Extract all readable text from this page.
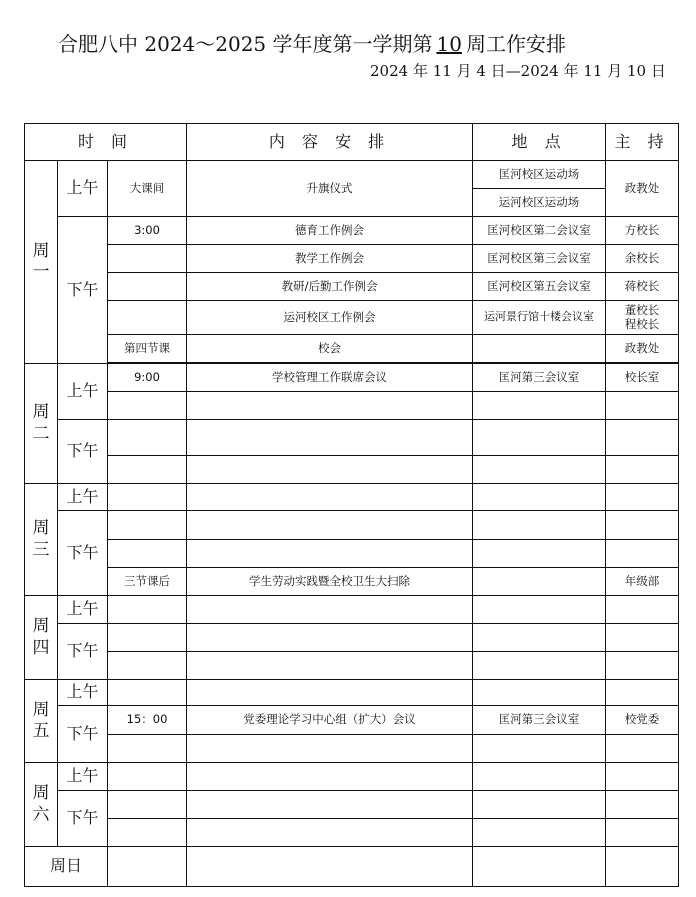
合肥八中 2024～2025 学年度第一学期第 10 周工作安排
2024 年 11 月 4 日—2024 年 11 月 10 日
时 间			内 容 安 排	地 点	主 持	
周一	上午	大课间	升旗仪式	匡河校区运动场	政教处	
				运河校区运动场		
	下午	3:00	德育工作例会	匡河校区第二会议室	方校长	
			教学工作例会	匡河校区第三会议室	余校长	
			教研/后勤工作例会	匡河校区第五会议室	蒋校长	
			运河校区工作例会	运河景行馆十楼会议室	董校长
程校长	

		第四节课	校会		政教处	

周二	上午	9:00	学校管理工作联席会议	匡河第三会议室	校长室	

	下午					

周三	上午					
	下午					

		三节课后	学生劳动实践暨全校卫生大扫除		年级部	
周四	上午					
	下午					

周五	上午					
	下午	15：00	党委理论学习中心组（扩大）会议	匡河第三会议室	校党委	

周六	上午					
	下午					

周日						
